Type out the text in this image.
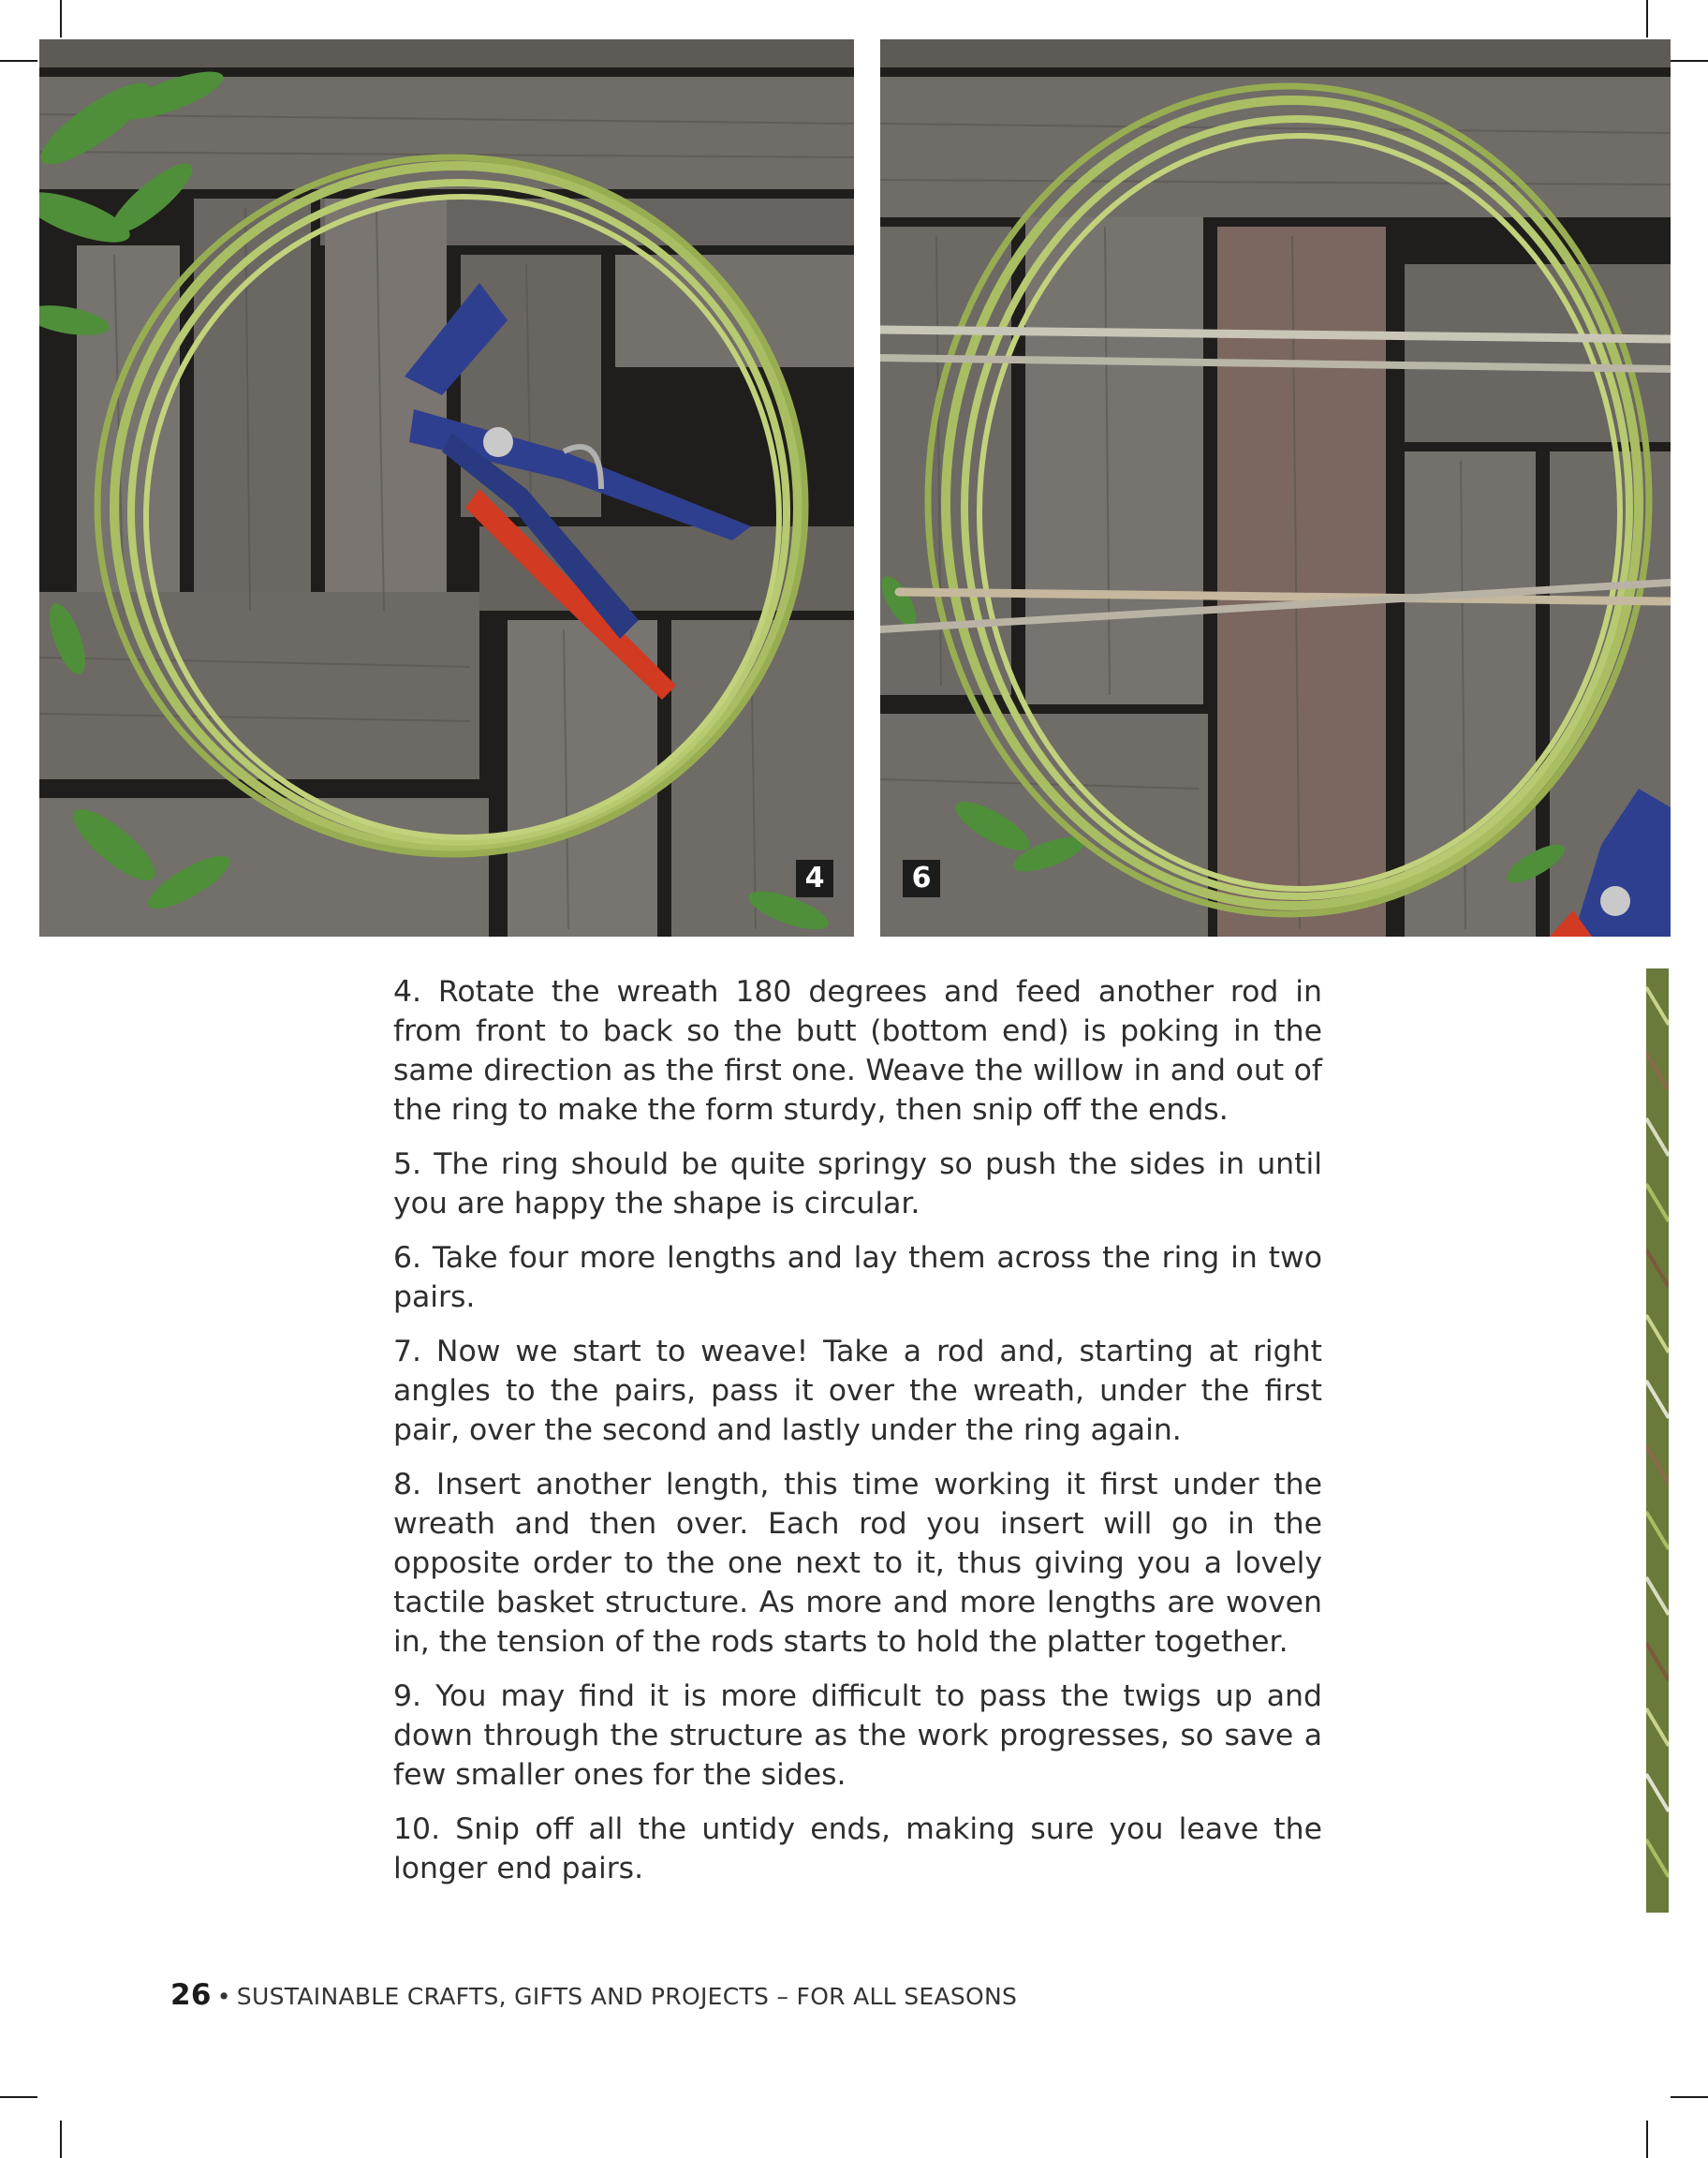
4	6

4. Rotate the wreath 180 degrees and feed another rod in from front to back so the butt (bottom end) is poking in the same direction as the first one. Weave the willow in and out of the ring to make the form sturdy, then snip off the ends.

5. The ring should be quite springy so push the sides in until you are happy the shape is circular.

6. Take four more lengths and lay them across the ring in two pairs.

7. Now we start to weave! Take a rod and, starting at right angles to the pairs, pass it over the wreath, under the first pair, over the second and lastly under the ring again.

8. Insert another length, this time working it first under the wreath and then over. Each rod you insert will go in the opposite order to the one next to it, thus giving you a lovely tactile basket structure. As more and more lengths are woven in, the tension of the rods starts to hold the platter together.

9. You may find it is more difficult to pass the twigs up and down through the structure as the work progresses, so save a few smaller ones for the sides.

10. Snip off all the untidy ends, making sure you leave the longer end pairs.

26 • SUSTAINABLE CRAFTS, GIFTS AND PROJECTS – FOR ALL SEASONS
